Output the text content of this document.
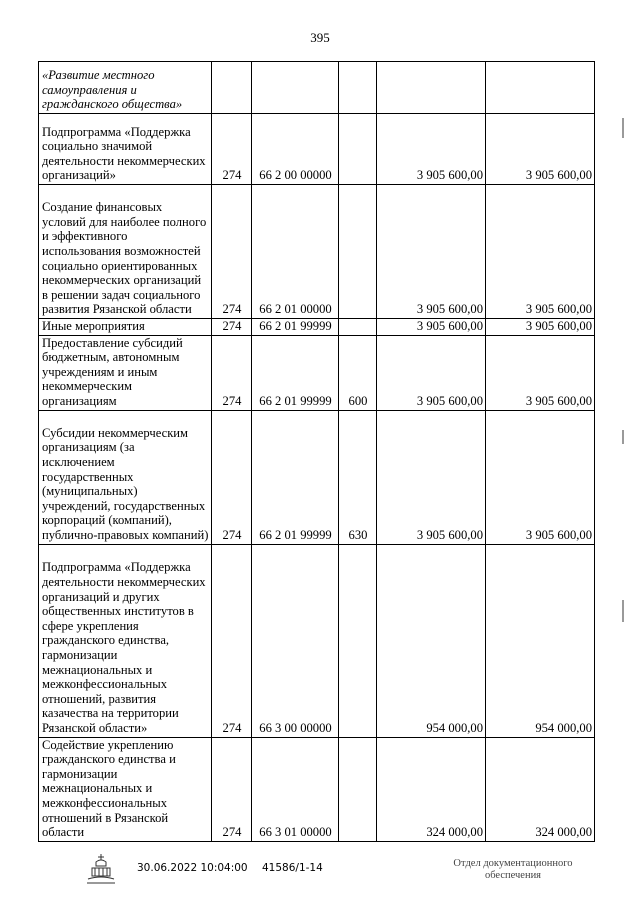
395
«Развитие местного самоуправления и гражданского общества»					

Подпрограмма «Поддержка социально значимой деятельности некоммерческих организаций»	274	66 2 00 00000		3 905 600,00	3 905 600,00

Создание финансовых условий для наиболее полного и эффективного использования возможностей социально ориентированных некоммерческих организаций в решении задач социального развития Рязанской области	274	66 2 01 00000		3 905 600,00	3 905 600,00

Иные мероприятия	274	66 2 01 99999		3 905 600,00	3 905 600,00

Предоставление субсидий бюджетным, автономным учреждениям и иным некоммерческим организациям	274	66 2 01 99999	600	3 905 600,00	3 905 600,00

Субсидии некоммерческим организациям (за исключением государственных (муниципальных) учреждений, государственных корпораций (компаний), публично-правовых компаний)	274	66 2 01 99999	630	3 905 600,00	3 905 600,00

Подпрограмма «Поддержка деятельности некоммерческих организаций и других общественных институтов в сфере укрепления гражданского единства, гармонизации межнациональных и межконфессиональных отношений, развития казачества на территории Рязанской области»	274	66 3 00 00000		954 000,00	954 000,00

Содействие укреплению гражданского единства и гармонизации межнациональных и межконфессиональных отношений в Рязанской области	274	66 3 01 00000		324 000,00	324 000,00
30.06.2022 10:04:00 41586/1-14	Отдел документационного обеспечения
